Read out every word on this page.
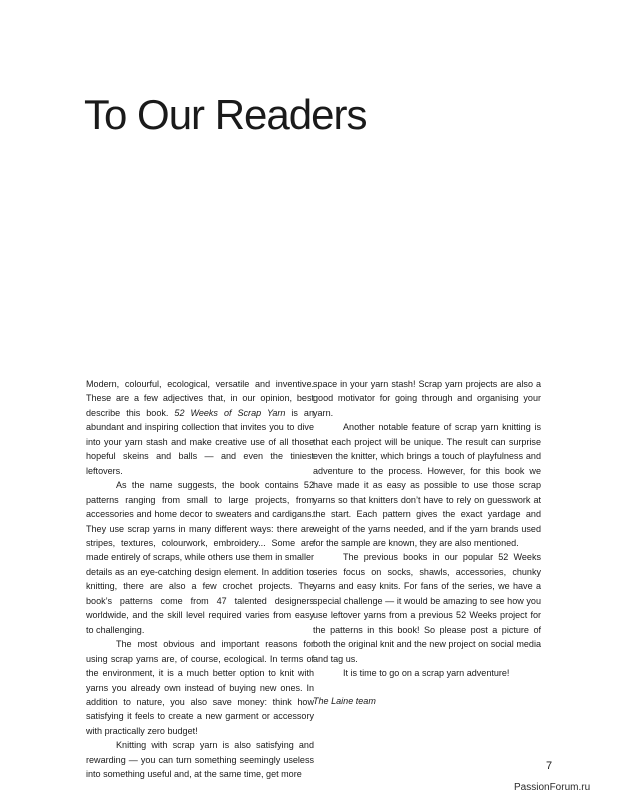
To Our Readers

Modern, colourful, ecological, versatile and inventive. These are a few adjectives that, in our opinion, best describe this book. 52 Weeks of Scrap Yarn is an abundant and inspiring collection that invites you to dive into your yarn stash and make creative use of all those hopeful skeins and balls — and even the tiniest leftovers.

As the name suggests, the book contains 52 patterns ranging from small to large projects, from accessories and home decor to sweaters and cardigans. They use scrap yarns in many different ways: there are stripes, textures, colourwork, embroidery... Some are made entirely of scraps, while others use them in smaller details as an eye-catching design element. In addition to knitting, there are also a few crochet projects. The book’s patterns come from 47 talented designers worldwide, and the skill level required varies from easy to challenging.

The most obvious and important reasons for using scrap yarns are, of course, ecological. In terms of the environment, it is a much better option to knit with yarns you already own instead of buying new ones. In addition to nature, you also save money: think how satisfying it feels to create a new garment or accessory with practically zero budget!

Knitting with scrap yarn is also satisfying and rewarding — you can turn something seemingly useless into something useful and, at the same time, get more

space in your yarn stash! Scrap yarn projects are also a good motivator for going through and organising your yarn.

Another notable feature of scrap yarn knitting is that each project will be unique. The result can surprise even the knitter, which brings a touch of playfulness and adventure to the process. However, for this book we have made it as easy as possible to use those scrap yarns so that knitters don’t have to rely on guesswork at the start. Each pattern gives the exact yardage and weight of the yarns needed, and if the yarn brands used for the sample are known, they are also mentioned.

The previous books in our popular 52 Weeks series focus on socks, shawls, accessories, chunky yarns and easy knits. For fans of the series, we have a special challenge — it would be amazing to see how you use leftover yarns from a previous 52 Weeks project for the patterns in this book! So please post a picture of both the original knit and the new project on social media and tag us.

It is time to go on a scrap yarn adventure!

The Laine team

7
PassionForum.ru
